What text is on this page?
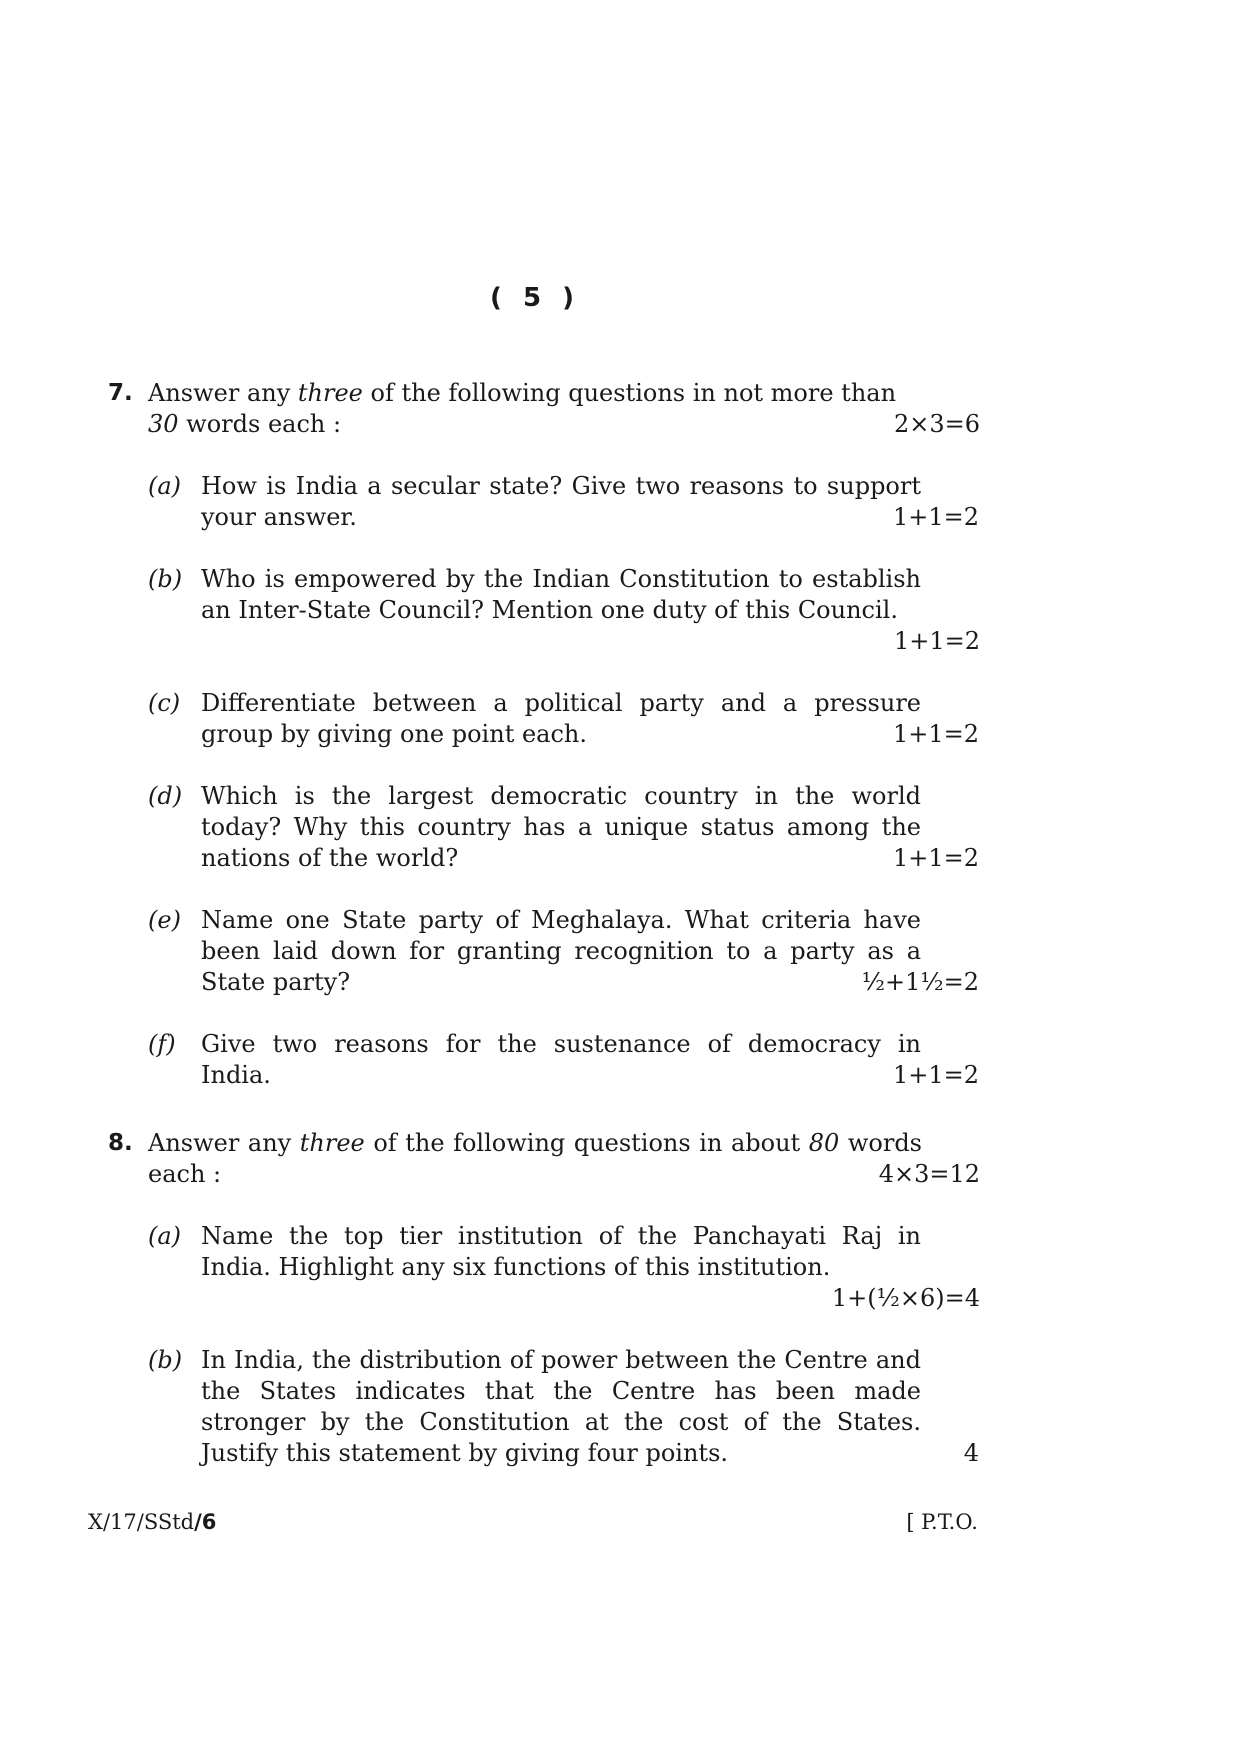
( 5 )
7. Answer any three of the following questions in not more than
30 words each :	2×3=6
(a) How is India a secular state? Give two reasons to support your answer.	1+1=2
(b) Who is empowered by the Indian Constitution to establish an Inter-State Council? Mention one duty of this Council.
1+1=2
(c) Differentiate between a political party and a pressure group by giving one point each.	1+1=2
(d) Which is the largest democratic country in the world today? Why this country has a unique status among the nations of the world?	1+1=2
(e) Name one State party of Meghalaya. What criteria have been laid down for granting recognition to a party as a State party?	½+1½=2
(f) Give two reasons for the sustenance of democracy in India.	1+1=2
8. Answer any three of the following questions in about 80 words each :	4×3=12
(a) Name the top tier institution of the Panchayati Raj in India. Highlight any six functions of this institution.
1+(½×6)=4
(b) In India, the distribution of power between the Centre and the States indicates that the Centre has been made stronger by the Constitution at the cost of the States. Justify this statement by giving four points.	4
X/17/SStd/6	[ P.T.O.
